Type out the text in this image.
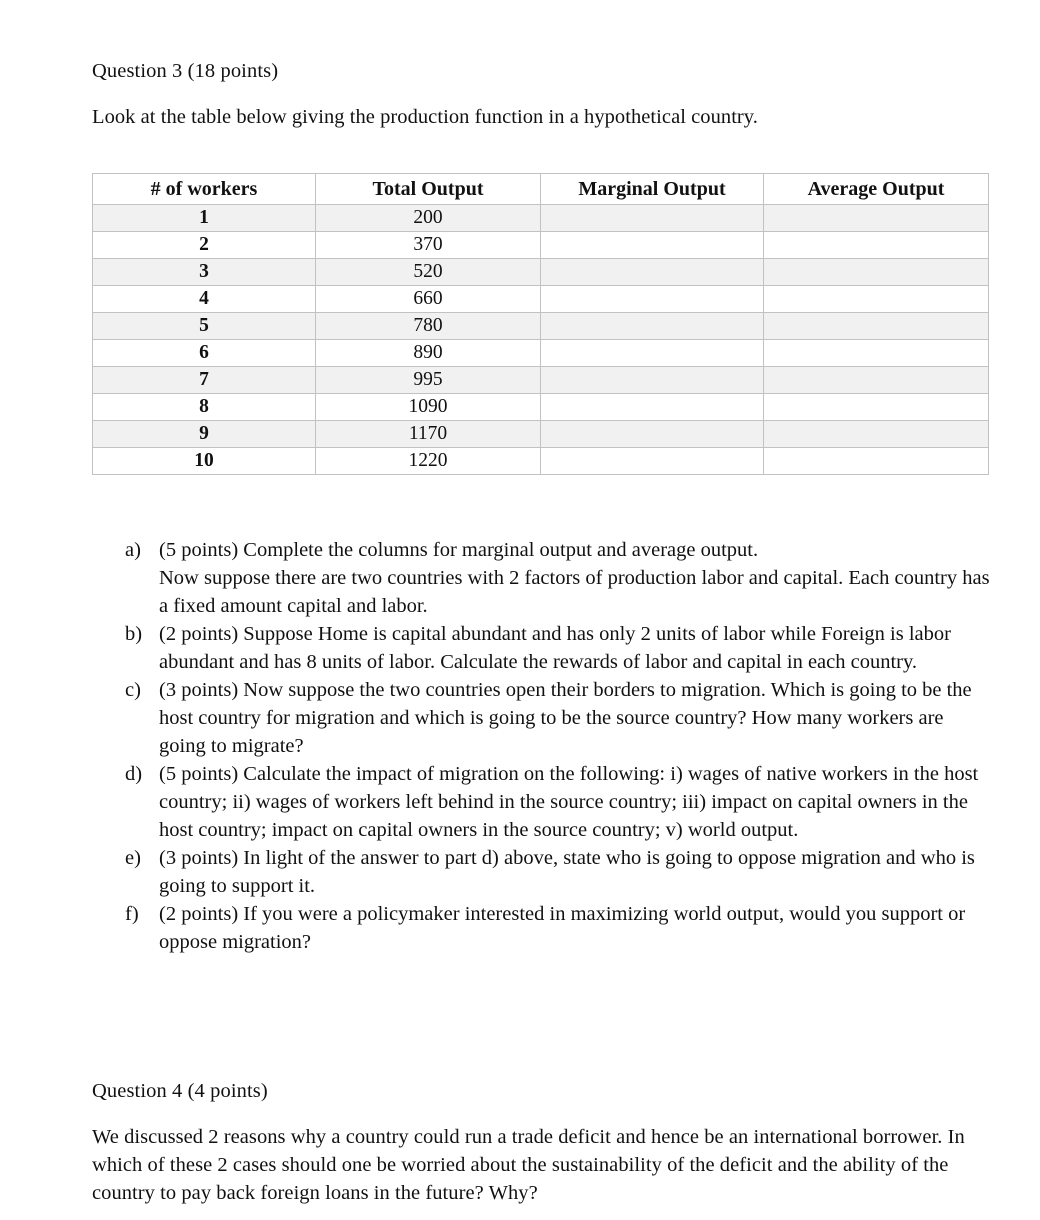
Question 3 (18 points)
Look at the table below giving the production function in a hypothetical country.
# of workers	Total Output	Marginal Output	Average Output
1	200		
2	370		
3	520		
4	660		
5	780		
6	890		
7	995		
8	1090		
9	1170		
10	1220		
a) (5 points) Complete the columns for marginal output and average output.
Now suppose there are two countries with 2 factors of production labor and capital. Each country has a fixed amount capital and labor.
b) (2 points) Suppose Home is capital abundant and has only 2 units of labor while Foreign is labor abundant and has 8 units of labor. Calculate the rewards of labor and capital in each country.
c) (3 points) Now suppose the two countries open their borders to migration. Which is going to be the host country for migration and which is going to be the source country? How many workers are going to migrate?
d) (5 points) Calculate the impact of migration on the following: i) wages of native workers in the host country; ii) wages of workers left behind in the source country; iii) impact on capital owners in the host country; impact on capital owners in the source country; v) world output.
e) (3 points) In light of the answer to part d) above, state who is going to oppose migration and who is going to support it.
f) (2 points) If you were a policymaker interested in maximizing world output, would you support or oppose migration?
Question 4 (4 points)
We discussed 2 reasons why a country could run a trade deficit and hence be an international borrower. In which of these 2 cases should one be worried about the sustainability of the deficit and the ability of the country to pay back foreign loans in the future? Why?
